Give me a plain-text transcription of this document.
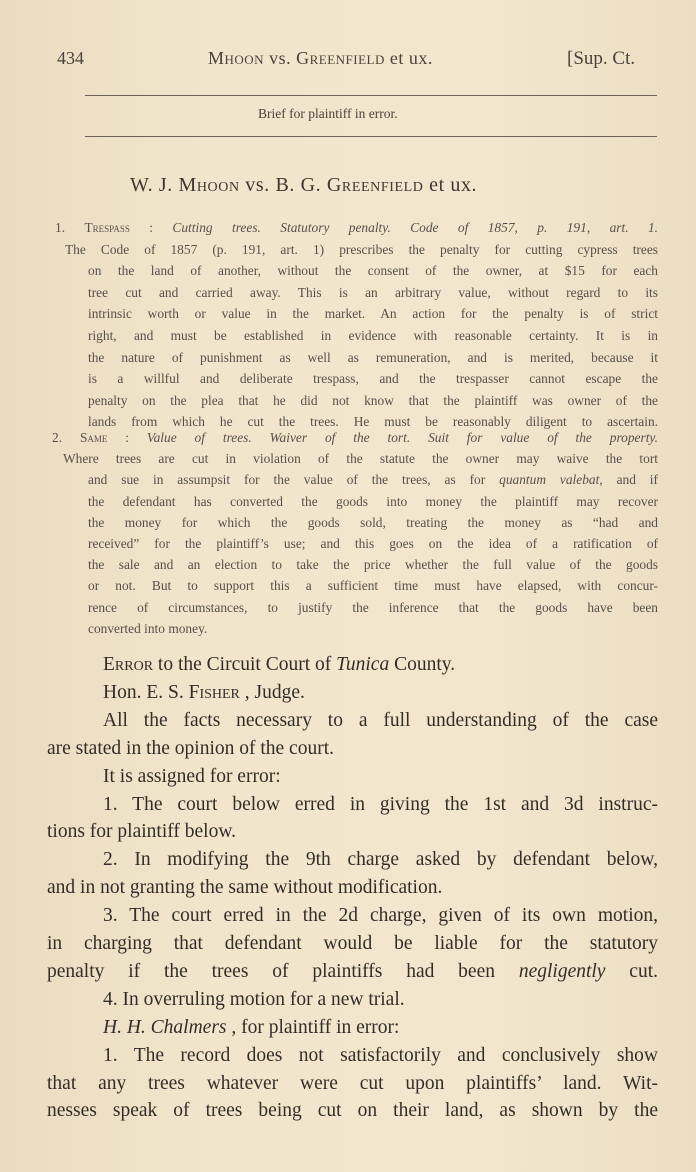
434	Mhoon vs. Greenfield et ux.	[Sup. Ct.
Brief for plaintiff in error.
W. J. Mhoon vs. B. G. Greenfield et ux.
1. Trespass : Cutting trees. Statutory penalty. Code of 1857, p. 191, art. 1.
The Code of 1857 (p. 191, art. 1) prescribes the penalty for cutting cypress trees
on the land of another, without the consent of the owner, at $15 for each
tree cut and carried away. This is an arbitrary value, without regard to its
intrinsic worth or value in the market. An action for the penalty is of strict
right, and must be established in evidence with reasonable certainty. It is in
the nature of punishment as well as remuneration, and is merited, because it
is a willful and deliberate trespass, and the trespasser cannot escape the
penalty on the plea that he did not know that the plaintiff was owner of the
lands from which he cut the trees. He must be reasonably diligent to ascertain.
2. Same : Value of trees. Waiver of the tort. Suit for value of the property.
Where trees are cut in violation of the statute the owner may waive the tort
and sue in assumpsit for the value of the trees, as for quantum valebat, and if
the defendant has converted the goods into money the plaintiff may recover
the money for which the goods sold, treating the money as “had and
received” for the plaintiff’s use; and this goes on the idea of a ratification of
the sale and an election to take the price whether the full value of the goods
or not. But to support this a sufficient time must have elapsed, with concur-
rence of circumstances, to justify the inference that the goods have been
converted into money.
Error to the Circuit Court of Tunica County.
Hon. E. S. Fisher , Judge.
All the facts necessary to a full understanding of the case
are stated in the opinion of the court.
It is assigned for error:
1. The court below erred in giving the 1st and 3d instruc-
tions for plaintiff below.
2. In modifying the 9th charge asked by defendant below,
and in not granting the same without modification.
3. The court erred in the 2d charge, given of its own motion,
in charging that defendant would be liable for the statutory
penalty if the trees of plaintiffs had been negligently cut.
4. In overruling motion for a new trial.
H. H. Chalmers , for plaintiff in error:
1. The record does not satisfactorily and conclusively show
that any trees whatever were cut upon plaintiffs’ land. Wit-
nesses speak of trees being cut on their land, as shown by the
